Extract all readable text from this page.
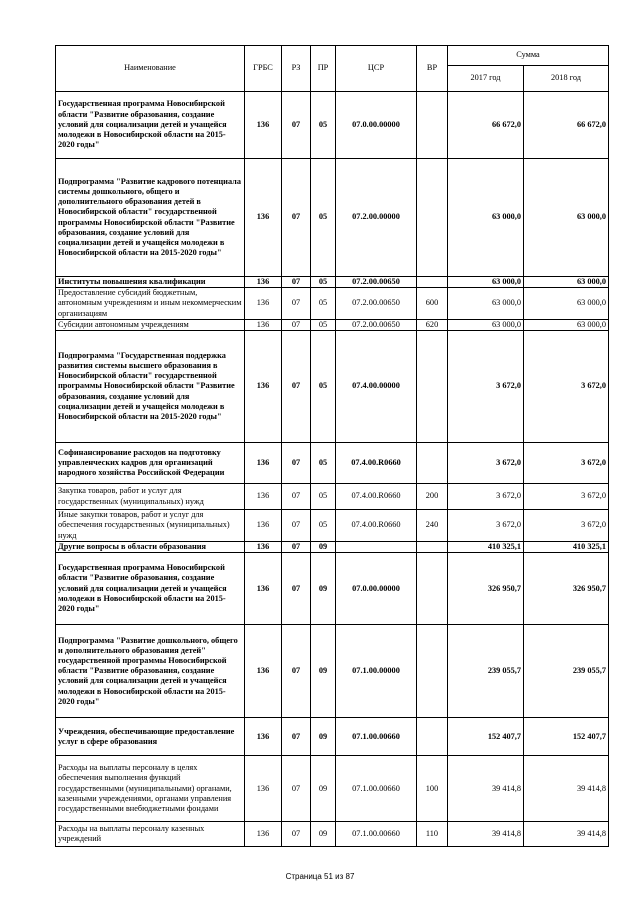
Наименование	ГРБС	РЗ	ПР	ЦСР	ВР	Сумма	
						2017 год	2018 год
Государственная программа Новосибирской области "Развитие образования, создание условий для социализации детей и учащейся молодежи в Новосибирской области на 2015-2020 годы"	136	07	05	07.0.00.00000		66 672,0	66 672,0
Подпрограмма "Развитие кадрового потенциала системы дошкольного, общего и дополнительного образования детей в Новосибирской области" государственной программы Новосибирской области "Развитие образования, создание условий для социализации детей и учащейся молодежи в Новосибирской области на 2015-2020 годы"	136	07	05	07.2.00.00000		63 000,0	63 000,0
Институты повышения квалификации	136	07	05	07.2.00.00650		63 000,0	63 000,0
Предоставление субсидий бюджетным, автономным учреждениям и иным некоммерческим организациям	136	07	05	07.2.00.00650	600	63 000,0	63 000,0
Субсидии автономным учреждениям	136	07	05	07.2.00.00650	620	63 000,0	63 000,0
Подпрограмма "Государственная поддержка развития системы высшего образования в Новосибирской области" государственной программы Новосибирской области "Развитие образования, создание условий для социализации детей и учащейся молодежи в Новосибирской области на 2015-2020 годы"	136	07	05	07.4.00.00000		3 672,0	3 672,0
Софинансирование расходов на подготовку управленческих кадров для организаций народного хозяйства Российской Федерации	136	07	05	07.4.00.R0660		3 672,0	3 672,0
Закупка товаров, работ и услуг для государственных (муниципальных) нужд	136	07	05	07.4.00.R0660	200	3 672,0	3 672,0
Иные закупки товаров, работ и услуг для обеспечения государственных (муниципальных) нужд	136	07	05	07.4.00.R0660	240	3 672,0	3 672,0
Другие вопросы в области образования	136	07	09			410 325,1	410 325,1
Государственная программа Новосибирской области "Развитие образования, создание условий для социализации детей и учащейся молодежи в Новосибирской области на 2015-2020 годы"	136	07	09	07.0.00.00000		326 950,7	326 950,7
Подпрограмма "Развитие дошкольного, общего и дополнительного образования детей" государственной программы Новосибирской области "Развитие образования, создание условий для социализации детей и учащейся молодежи в Новосибирской области на 2015-2020 годы"	136	07	09	07.1.00.00000		239 055,7	239 055,7
Учреждения, обеспечивающие предоставление услуг в сфере образования	136	07	09	07.1.00.00660		152 407,7	152 407,7
Расходы на выплаты персоналу в целях обеспечения выполнения функций государственными (муниципальными) органами, казенными учреждениями, органами управления государственными внебюджетными фондами	136	07	09	07.1.00.00660	100	39 414,8	39 414,8
Расходы на выплаты персоналу казенных учреждений	136	07	09	07.1.00.00660	110	39 414,8	39 414,8
Страница 51 из 87
